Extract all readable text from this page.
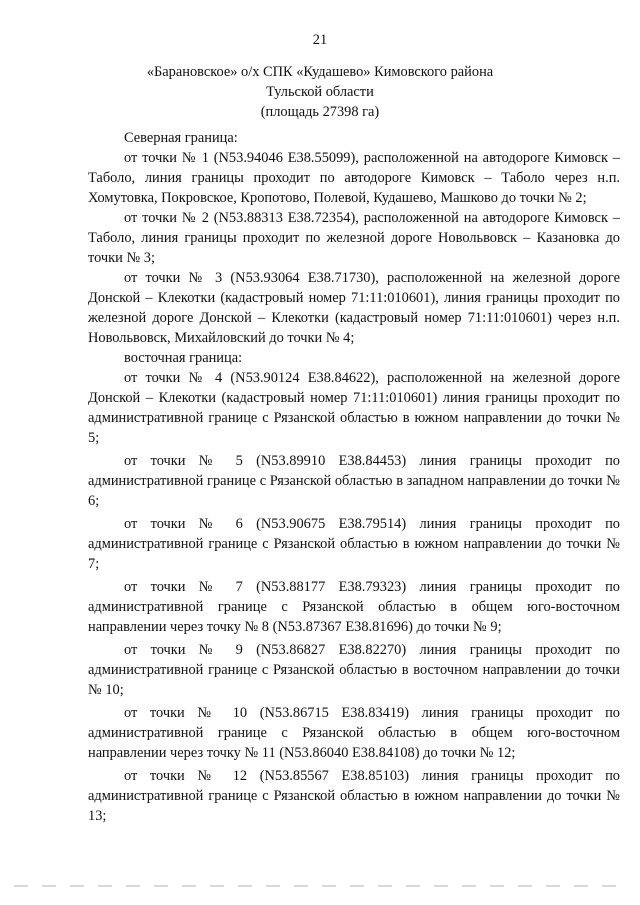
21
«Барановское» о/х СПК «Кудашево» Кимовского района
Тульской области
(площадь 27398 га)

Северная граница:

от точки № 1 (N53.94046 E38.55099), расположенной на автодороге Кимовск – Таболо, линия границы проходит по автодороге Кимовск – Таболо через н.п. Хомутовка, Покровское, Кропотово, Полевой, Кудашево, Машково до точки № 2;

от точки № 2 (N53.88313 E38.72354), расположенной на автодороге Кимовск – Таболо, линия границы проходит по железной дороге Новольвовск – Казановка до точки № 3;

от точки № 3 (N53.93064 E38.71730), расположенной на железной дороге Донской – Клекотки (кадастровый номер 71:11:010601), линия границы проходит по железной дороге Донской – Клекотки (кадастровый номер 71:11:010601) через н.п. Новольвовск, Михайловский до точки № 4;

восточная граница:

от точки № 4 (N53.90124 E38.84622), расположенной на железной дороге Донской – Клекотки (кадастровый номер 71:11:010601) линия границы проходит по административной границе с Рязанской областью в южном направлении до точки № 5;

от точки № 5 (N53.89910 E38.84453) линия границы проходит по административной границе с Рязанской областью в западном направлении до точки № 6;

от точки № 6 (N53.90675 E38.79514) линия границы проходит по административной границе с Рязанской областью в южном направлении до точки № 7;

от точки № 7 (N53.88177 E38.79323) линия границы проходит по административной границе с Рязанской областью в общем юго-восточном направлении через точку № 8 (N53.87367 E38.81696) до точки № 9;

от точки № 9 (N53.86827 E38.82270) линия границы проходит по административной границе с Рязанской областью в восточном направлении до точки № 10;

от точки № 10 (N53.86715 E38.83419) линия границы проходит по административной границе с Рязанской областью в общем юго-восточном направлении через точку № 11 (N53.86040 E38.84108) до точки № 12;

от точки № 12 (N53.85567 E38.85103) линия границы проходит по административной границе с Рязанской областью в южном направлении до точки № 13;
